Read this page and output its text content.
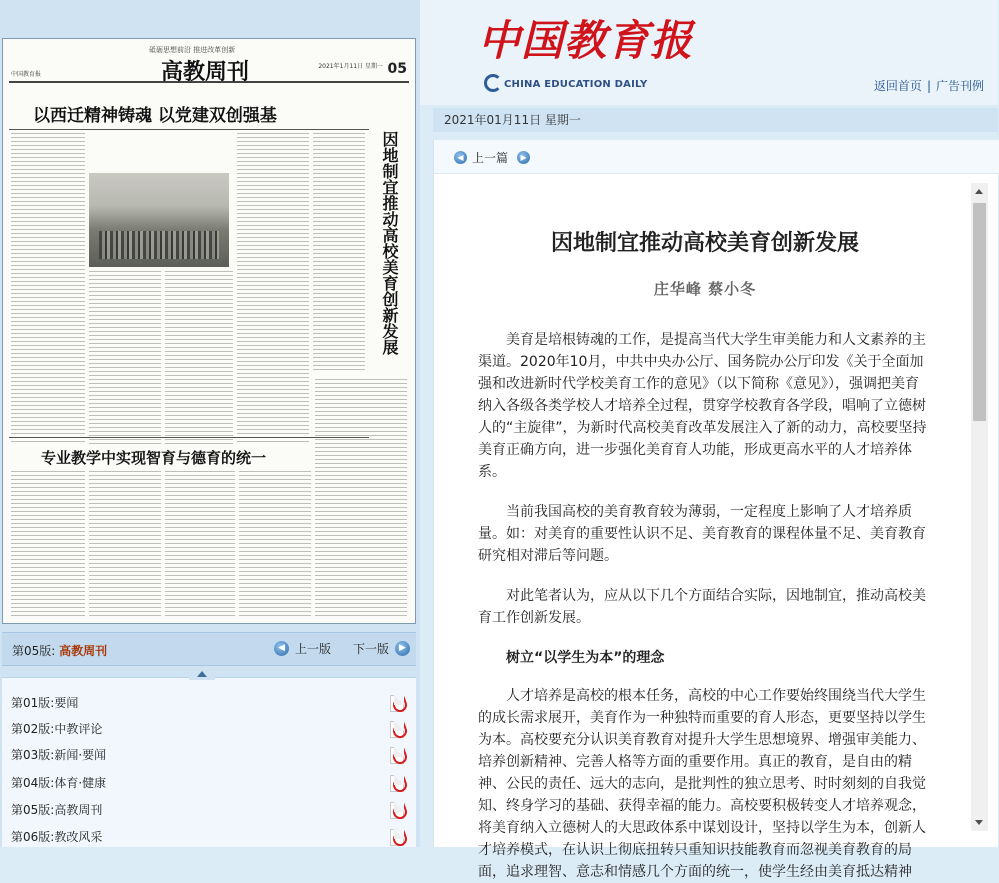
砥砺思想前沿 推进改革创新
中国教育报	高教周刊	2021年1月11日 星期一 05
以西迁精神铸魂 以党建双创强基
因地制宜推动高校美育创新发展
专业教学中实现智育与德育的统一
第05版: 高教周刊	◀ 上一版 下一版	▶
第01版:要闻
第02版:中教评论
第03版:新闻·要闻
第04版:体育·健康
第05版:高教周刊
第06版:教改风采
中国教育报
CHINA EDUCATION DAILY	返回首页 | 广告刊例
2021年01月11日 星期一
◀ 上一篇	▶
因地制宜推动高校美育创新发展
庄华峰 蔡小冬

美育是培根铸魂的工作，是提高当代大学生审美能力和人文素养的主渠道。2020年10月，中共中央办公厅、国务院办公厅印发《关于全面加强和改进新时代学校美育工作的意见》（以下简称《意见》），强调把美育纳入各级各类学校人才培养全过程，贯穿学校教育各学段，唱响了立德树人的“主旋律”，为新时代高校美育改革发展注入了新的动力，高校要坚持美育正确方向，进一步强化美育育人功能，形成更高水平的人才培养体系。

当前我国高校的美育教育较为薄弱，一定程度上影响了人才培养质量。如：对美育的重要性认识不足、美育教育的课程体量不足、美育教育研究相对滞后等问题。

对此笔者认为，应从以下几个方面结合实际，因地制宜，推动高校美育工作创新发展。

树立“以学生为本”的理念

人才培养是高校的根本任务，高校的中心工作要始终围绕当代大学生的成长需求展开，美育作为一种独特而重要的育人形态，更要坚持以学生为本。高校要充分认识美育教育对提升大学生思想境界、增强审美能力、培养创新精神、完善人格等方面的重要作用。真正的教育，是自由的精神、公民的责任、远大的志向，是批判性的独立思考、时时刻刻的自我觉知、终身学习的基础、获得幸福的能力。高校要积极转变人才培养观念，将美育纳入立德树人的大思政体系中谋划设计，坚持以学生为本，创新人才培养模式，在认识上彻底扭转只重知识技能教育而忽视美育教育的局面，追求理智、意志和情感几个方面的统一，使学生经由美育抵达精神
